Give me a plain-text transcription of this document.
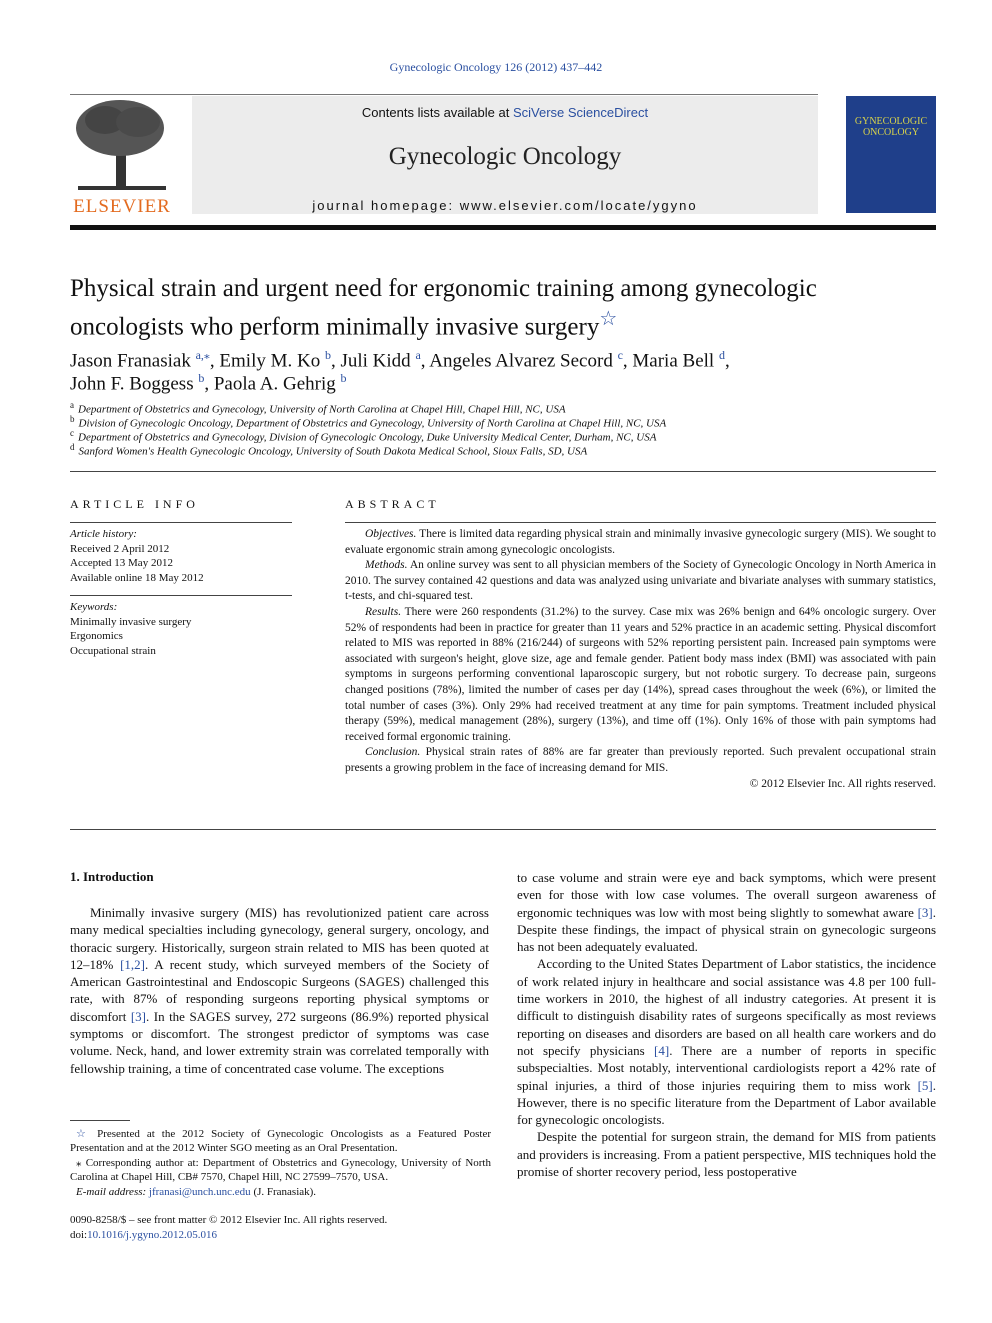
Gynecologic Oncology 126 (2012) 437–442
ELSEVIER
Contents lists available at SciVerse ScienceDirect
Gynecologic Oncology
journal homepage: www.elsevier.com/locate/ygyno
GYNECOLOGIC ONCOLOGY
Physical strain and urgent need for ergonomic training among gynecologic oncologists who perform minimally invasive surgery☆
Jason Franasiak $^{a,⁎}$, Emily M. Ko $^b$, Juli Kidd $^a$, Angeles Alvarez Secord $^c$, Maria Bell $^d$,
John F. Boggess $^b$, Paola A. Gehrig $^b$
$^a$ Department of Obstetrics and Gynecology, University of North Carolina at Chapel Hill, Chapel Hill, NC, USA
$^b$ Division of Gynecologic Oncology, Department of Obstetrics and Gynecology, University of North Carolina at Chapel Hill, NC, USA
$^c$ Department of Obstetrics and Gynecology, Division of Gynecologic Oncology, Duke University Medical Center, Durham, NC, USA
$^d$ Sanford Women's Health Gynecologic Oncology, University of South Dakota Medical School, Sioux Falls, SD, USA
ARTICLE INFO
Article history:
Received 2 April 2012
Accepted 13 May 2012
Available online 18 May 2012
Keywords:
Minimally invasive surgery
Ergonomics
Occupational strain
ABSTRACT

Objectives. There is limited data regarding physical strain and minimally invasive gynecologic surgery (MIS). We sought to evaluate ergonomic strain among gynecologic oncologists.

Methods. An online survey was sent to all physician members of the Society of Gynecologic Oncology in North America in 2010. The survey contained 42 questions and data was analyzed using univariate and bivariate analyses with summary statistics, t-tests, and chi-squared test.

Results. There were 260 respondents (31.2%) to the survey. Case mix was 26% benign and 64% oncologic surgery. Over 52% of respondents had been in practice for greater than 11 years and 52% practice in an academic setting. Physical discomfort related to MIS was reported in 88% (216/244) of surgeons with 52% reporting persistent pain. Increased pain symptoms were associated with surgeon's height, glove size, age and female gender. Patient body mass index (BMI) was associated with pain symptoms in surgeons performing conventional laparoscopic surgery, but not robotic surgery. To decrease pain, surgeons changed positions (78%), limited the number of cases per day (14%), spread cases throughout the week (6%), or limited the total number of cases (3%). Only 29% had received treatment at any time for pain symptoms. Treatment included physical therapy (59%), medical management (28%), surgery (13%), and time off (1%). Only 16% of those with pain symptoms had received formal ergonomic training.

Conclusion. Physical strain rates of 88% are far greater than previously reported. Such prevalent occupational strain presents a growing problem in the face of increasing demand for MIS.

© 2012 Elsevier Inc. All rights reserved.
1. Introduction

Minimally invasive surgery (MIS) has revolutionized patient care across many medical specialties including gynecology, general surgery, oncology, and thoracic surgery. Historically, surgeon strain related to MIS has been quoted at 12–18% [1,2]. A recent study, which surveyed members of the Society of American Gastrointestinal and Endoscopic Surgeons (SAGES) challenged this rate, with 87% of responding surgeons reporting physical symptoms or discomfort [3]. In the SAGES survey, 272 surgeons (86.9%) reported physical symptoms or discomfort. The strongest predictor of symptoms was case volume. Neck, hand, and lower extremity strain was correlated temporally with fellowship training, a time of concentrated case volume. The exceptions

to case volume and strain were eye and back symptoms, which were present even for those with low case volumes. The overall surgeon awareness of ergonomic techniques was low with most being slightly to somewhat aware [3]. Despite these findings, the impact of physical strain on gynecologic surgeons has not been adequately evaluated.

According to the United States Department of Labor statistics, the incidence of work related injury in healthcare and social assistance was 4.8 per 100 full-time workers in 2010, the highest of all industry categories. At present it is difficult to distinguish disability rates of surgeons specifically as most reviews reporting on diseases and disorders are based on all health care workers and do not specify physicians [4]. There are a number of reports in specific subspecialties. Most notably, interventional cardiologists report a 42% rate of spinal injuries, a third of those injuries requiring them to miss work [5]. However, there is no specific literature from the Department of Labor available for gynecologic oncologists.

Despite the potential for surgeon strain, the demand for MIS from patients and providers is increasing. From a patient perspective, MIS techniques hold the promise of shorter recovery period, less postoperative

☆ Presented at the 2012 Society of Gynecologic Oncologists as a Featured Poster Presentation and at the 2012 Winter SGO meeting as an Oral Presentation.

⁎ Corresponding author at: Department of Obstetrics and Gynecology, University of North Carolina at Chapel Hill, CB# 7570, Chapel Hill, NC 27599–7570, USA.

E-mail address: jfranasi@unch.unc.edu (J. Franasiak).

0090-8258/$ – see front matter © 2012 Elsevier Inc. All rights reserved.
doi:10.1016/j.ygyno.2012.05.016
